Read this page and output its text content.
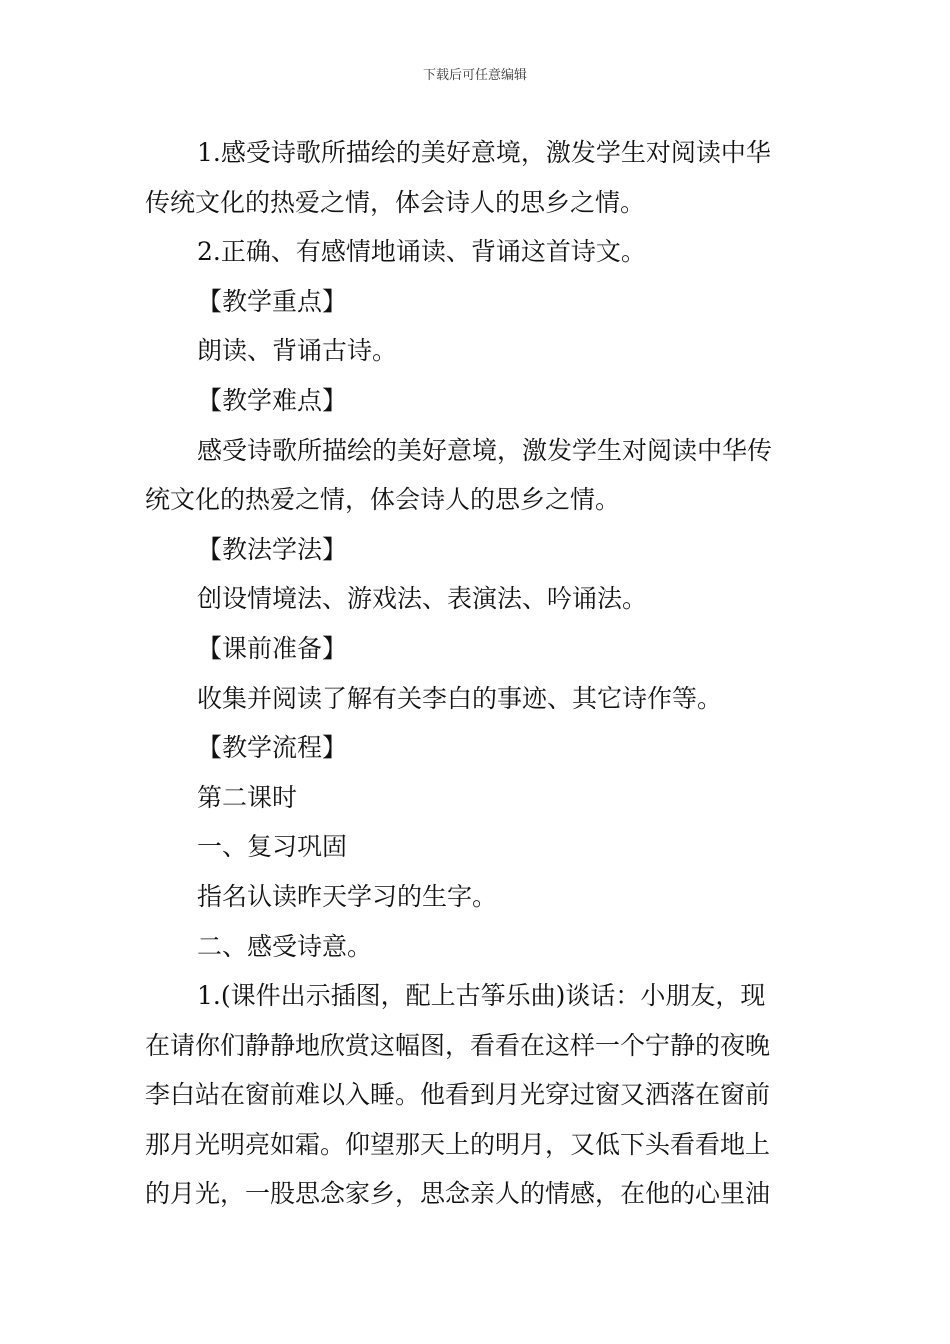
下载后可任意编辑
1.感受诗歌所描绘的美好意境，激发学生对阅读中华
传统文化的热爱之情，体会诗人的思乡之情。
2.正确、有感情地诵读、背诵这首诗文。
【教学重点】
朗读、背诵古诗。
【教学难点】
感受诗歌所描绘的美好意境，激发学生对阅读中华传
统文化的热爱之情，体会诗人的思乡之情。
【教法学法】
创设情境法、游戏法、表演法、吟诵法。
【课前准备】
收集并阅读了解有关李白的事迹、其它诗作等。
【教学流程】
第二课时
一、复习巩固
指名认读昨天学习的生字。
二、感受诗意。
1.(课件出示插图，配上古筝乐曲)谈话：小朋友，现
在请你们静静地欣赏这幅图，看看在这样一个宁静的夜晚
李白站在窗前难以入睡。他看到月光穿过窗又洒落在窗前
那月光明亮如霜。仰望那天上的明月，又低下头看看地上
的月光，一股思念家乡，思念亲人的情感，在他的心里油
